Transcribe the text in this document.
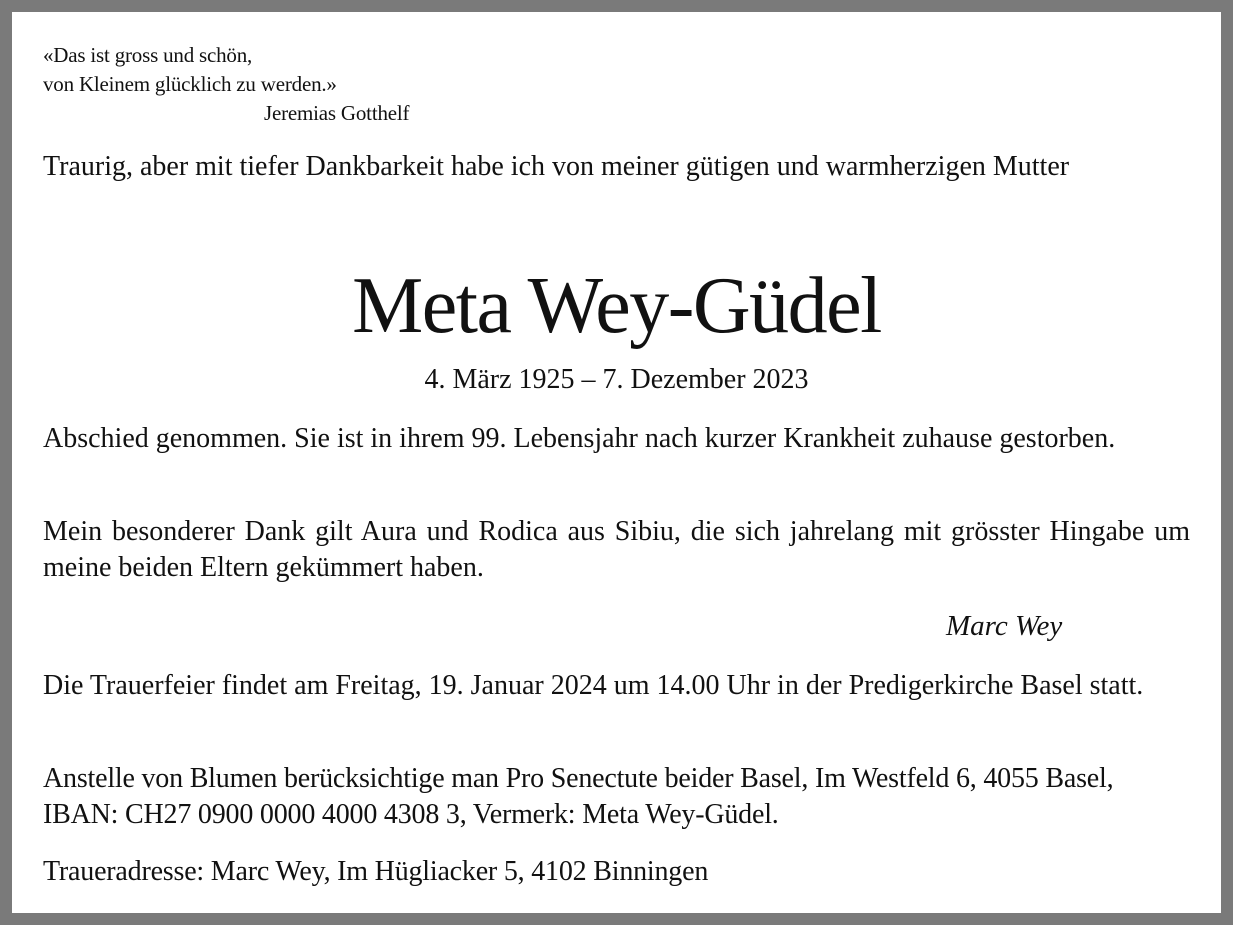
«Das ist gross und schön,
von Kleinem glücklich zu werden.»
Jeremias Gotthelf
Traurig, aber mit tiefer Dankbarkeit habe ich von meiner gütigen und warmherzigen Mutter
Meta Wey-Güdel
4. März 1925 – 7. Dezember 2023
Abschied genommen. Sie ist in ihrem 99. Lebensjahr nach kurzer Krankheit zuhause gestorben.
Mein besonderer Dank gilt Aura und Rodica aus Sibiu, die sich jahrelang mit grösster Hingabe um meine beiden Eltern gekümmert haben.
Marc Wey
Die Trauerfeier findet am Freitag, 19. Januar 2024 um 14.00 Uhr in der Predigerkirche Basel statt.
Anstelle von Blumen berücksichtige man Pro Senectute beider Basel, Im Westfeld 6, 4055 Basel,
IBAN: CH27 0900 0000 4000 4308 3, Vermerk: Meta Wey-Güdel.
Traueradresse: Marc Wey, Im Hügliacker 5, 4102 Binningen
